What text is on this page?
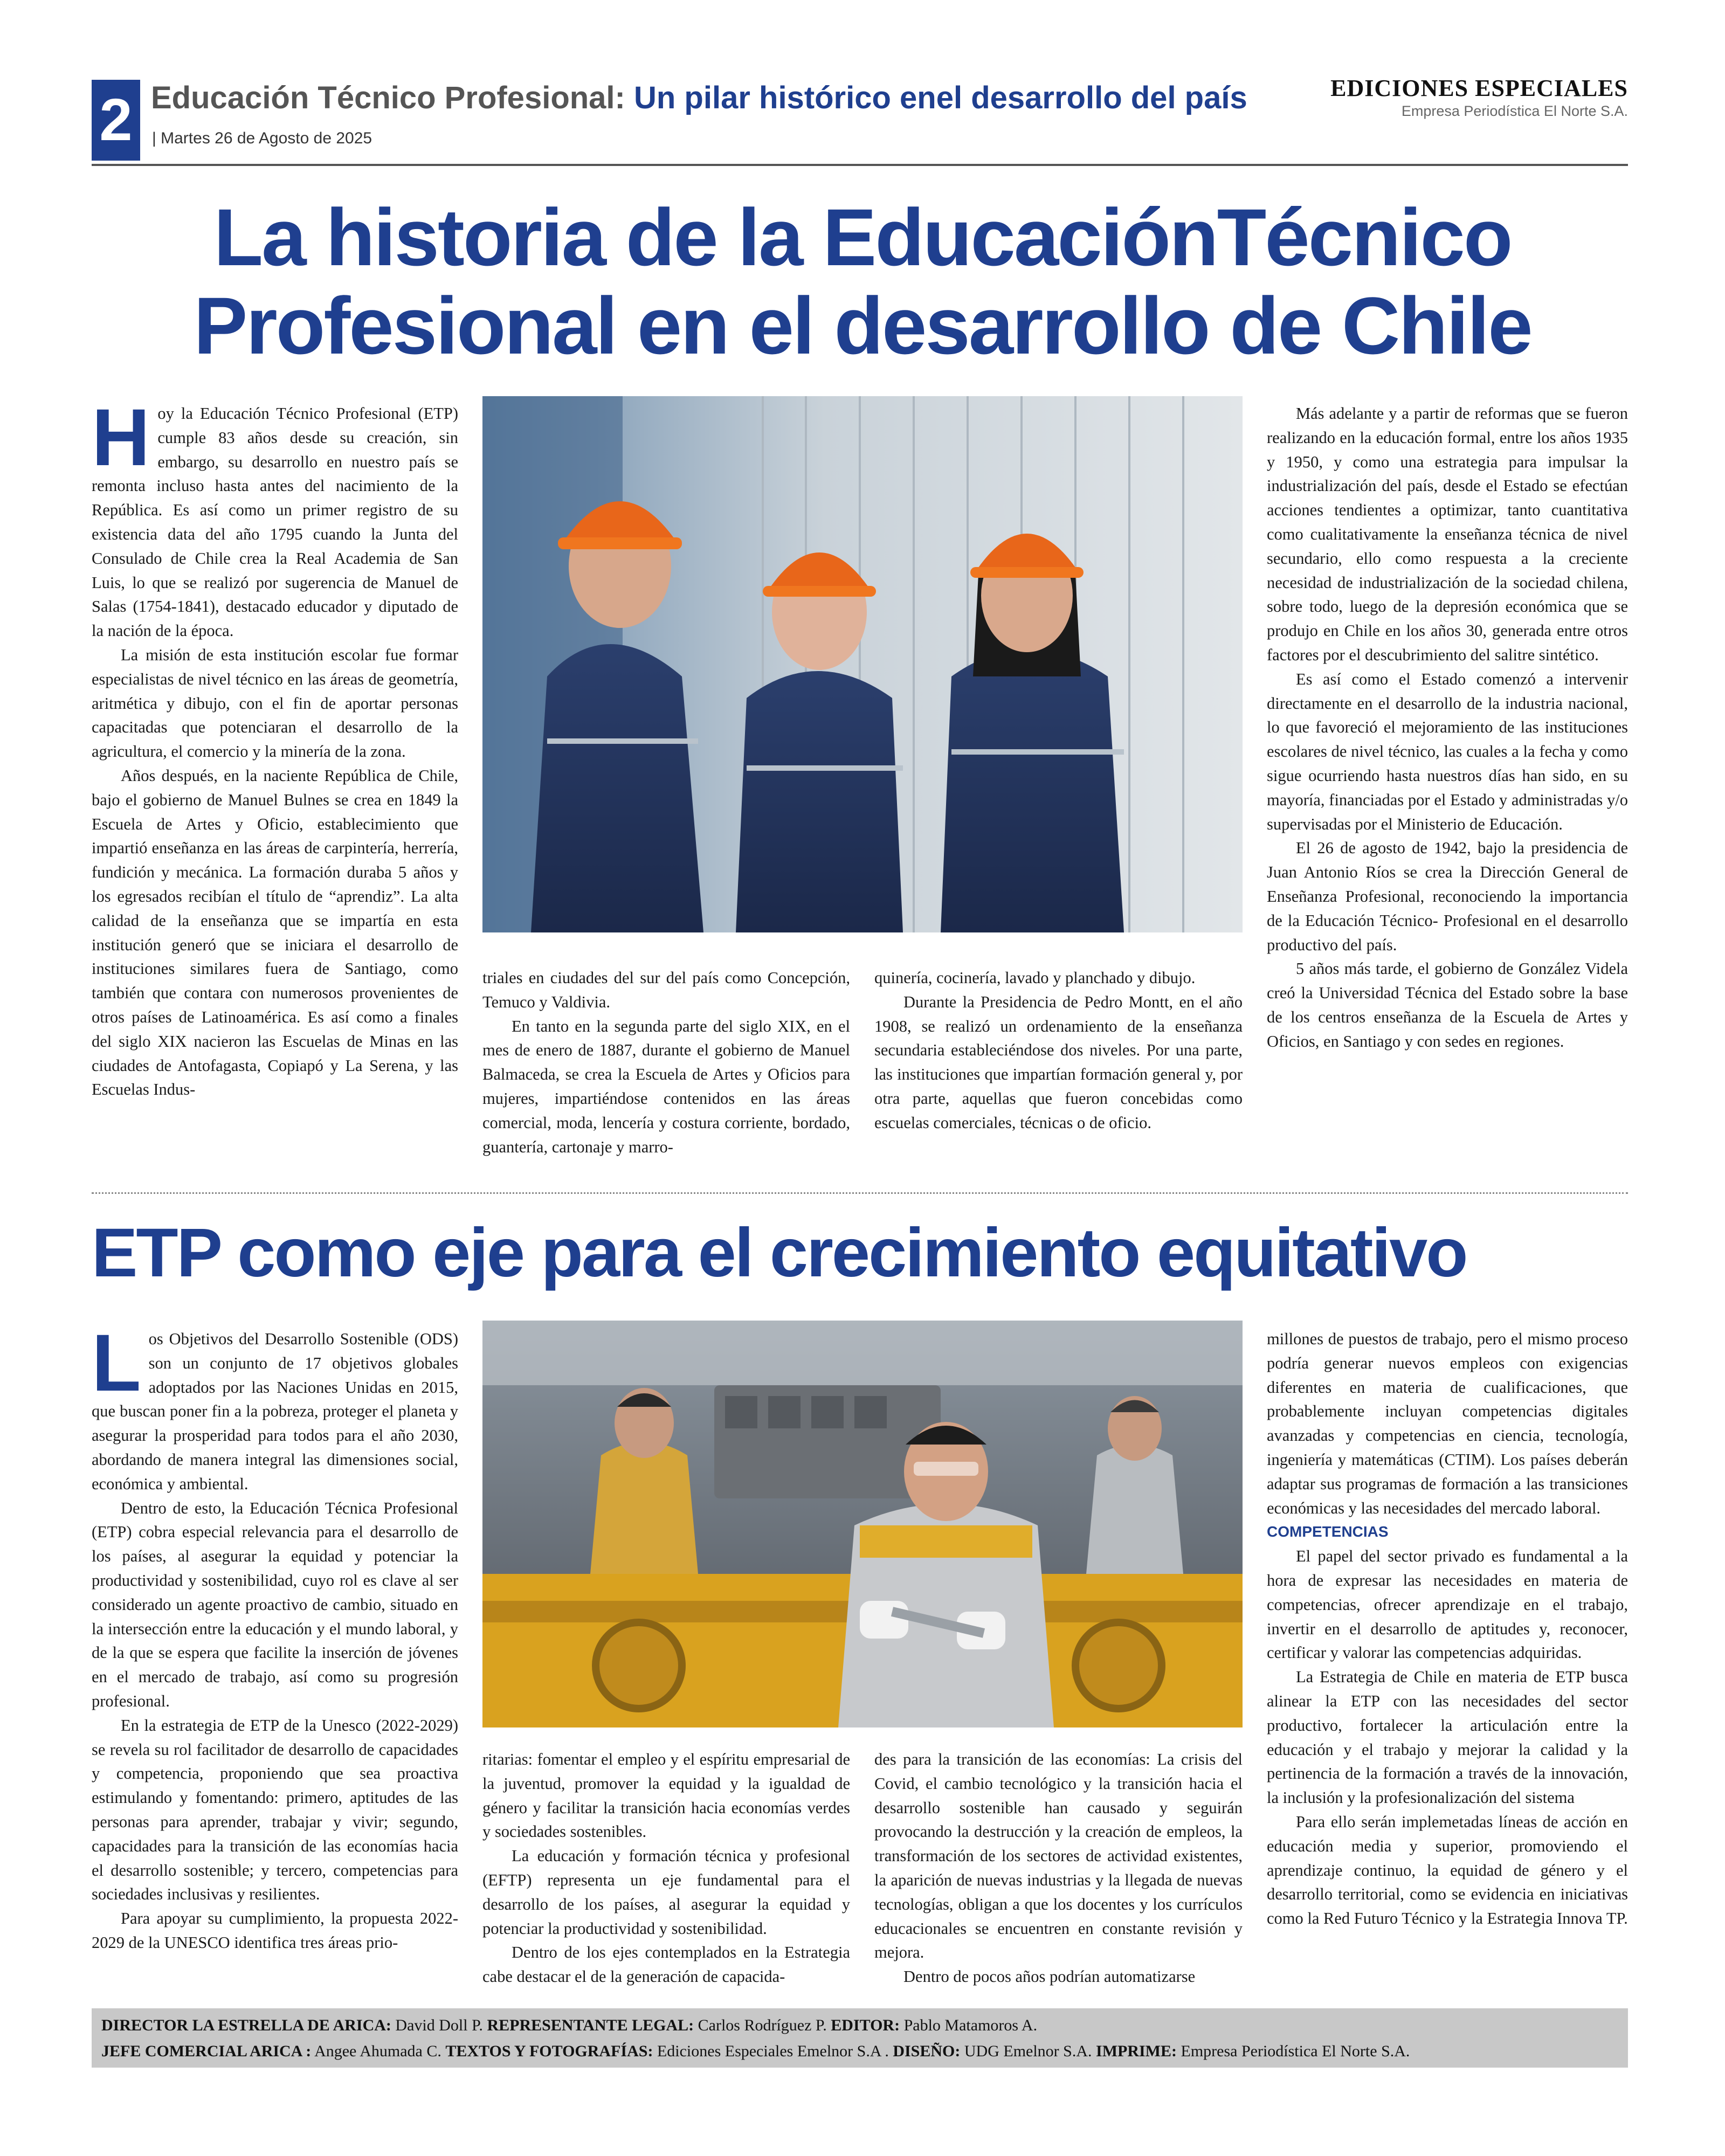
2 Educación Técnico Profesional: Un pilar histórico enel desarrollo del país
| Martes 26 de Agosto de 2025
EDICIONES ESPECIALES
Empresa Periodística El Norte S.A.
La historia de la EducaciónTécnico
Profesional en el desarrollo de Chile
H oy la Educación Técnico Profesional (ETP) cumple 83 años desde su creación, sin embargo, su desarrollo en nuestro país se remonta incluso hasta antes del nacimiento de la República. Es así como un primer registro de su existencia data del año 1795 cuando la Junta del Consulado de Chile crea la Real Academia de San Luis, lo que se realizó por sugerencia de Manuel de Salas (1754-1841), destacado educador y diputado de la nación de la época.

La misión de esta institución escolar fue formar especialistas de nivel técnico en las áreas de geometría, aritmética y dibujo, con el fin de aportar personas capacitadas que potenciaran el desarrollo de la agricultura, el comercio y la minería de la zona.

Años después, en la naciente República de Chile, bajo el gobierno de Manuel Bulnes se crea en 1849 la Escuela de Artes y Oficio, establecimiento que impartió enseñanza en las áreas de carpintería, herrería, fundición y mecánica. La formación duraba 5 años y los egresados recibían el título de “aprendiz”. La alta calidad de la enseñanza que se impartía en esta institución generó que se iniciara el desarrollo de instituciones similares fuera de Santiago, como también que contara con numerosos provenientes de otros países de Latinoamérica. Es así como a finales del siglo XIX nacieron las Escuelas de Minas en las ciudades de Antofagasta, Copiapó y La Serena, y las Escuelas Indus-

triales en ciudades del sur del país como Concepción, Temuco y Valdivia.

En tanto en la segunda parte del siglo XIX, en el mes de enero de 1887, durante el gobierno de Manuel Balmaceda, se crea la Escuela de Artes y Oficios para mujeres, impartiéndose contenidos en las áreas comercial, moda, lencería y costura corriente, bordado, guantería, cartonaje y marro-

quinería, cocinería, lavado y planchado y dibujo.

Durante la Presidencia de Pedro Montt, en el año 1908, se realizó un ordenamiento de la enseñanza secundaria estableciéndose dos niveles. Por una parte, las instituciones que impartían formación general y, por otra parte, aquellas que fueron concebidas como escuelas comerciales, técnicas o de oficio.

Más adelante y a partir de reformas que se fueron realizando en la educación formal, entre los años 1935 y 1950, y como una estrategia para impulsar la industrialización del país, desde el Estado se efectúan acciones tendientes a optimizar, tanto cuantitativa como cualitativamente la enseñanza técnica de nivel secundario, ello como respuesta a la creciente necesidad de industrialización de la sociedad chilena, sobre todo, luego de la depresión económica que se produjo en Chile en los años 30, generada entre otros factores por el descubrimiento del salitre sintético.

Es así como el Estado comenzó a intervenir directamente en el desarrollo de la industria nacional, lo que favoreció el mejoramiento de las instituciones escolares de nivel técnico, las cuales a la fecha y como sigue ocurriendo hasta nuestros días han sido, en su mayoría, financiadas por el Estado y administradas y/o supervisadas por el Ministerio de Educación.

El 26 de agosto de 1942, bajo la presidencia de Juan Antonio Ríos se crea la Dirección General de Enseñanza Profesional, reconociendo la importancia de la Educación Técnico- Profesional en el desarrollo productivo del país.

5 años más tarde, el gobierno de González Videla creó la Universidad Técnica del Estado sobre la base de los centros enseñanza de la Escuela de Artes y Oficios, en Santiago y con sedes en regiones.

ETP como eje para el crecimiento equitativo
L os Objetivos del Desarrollo Sostenible (ODS) son un conjunto de 17 objetivos globales adoptados por las Naciones Unidas en 2015, que buscan poner fin a la pobreza, proteger el planeta y asegurar la prosperidad para todos para el año 2030, abordando de manera integral las dimensiones social, económica y ambiental.

Dentro de esto, la Educación Técnica Profesional (ETP) cobra especial relevancia para el desarrollo de los países, al asegurar la equidad y potenciar la productividad y sostenibilidad, cuyo rol es clave al ser considerado un agente proactivo de cambio, situado en la intersección entre la educación y el mundo laboral, y de la que se espera que facilite la inserción de jóvenes en el mercado de trabajo, así como su progresión profesional.

En la estrategia de ETP de la Unesco (2022-2029) se revela su rol facilitador de desarrollo de capacidades y competencia, proponiendo que sea proactiva estimulando y fomentando: primero, aptitudes de las personas para aprender, trabajar y vivir; segundo, capacidades para la transición de las economías hacia el desarrollo sostenible; y tercero, competencias para sociedades inclusivas y resilientes.

Para apoyar su cumplimiento, la propuesta 2022-2029 de la UNESCO identifica tres áreas prio-

ritarias: fomentar el empleo y el espíritu empresarial de la juventud, promover la equidad y la igualdad de género y facilitar la transición hacia economías verdes y sociedades sostenibles.

La educación y formación técnica y profesional (EFTP) representa un eje fundamental para el desarrollo de los países, al asegurar la equidad y potenciar la productividad y sostenibilidad.

Dentro de los ejes contemplados en la Estrategia cabe destacar el de la generación de capacida-

des para la transición de las economías: La crisis del Covid, el cambio tecnológico y la transición hacia el desarrollo sostenible han causado y seguirán provocando la destrucción y la creación de empleos, la transformación de los sectores de actividad existentes, la aparición de nuevas industrias y la llegada de nuevas tecnologías, obligan a que los docentes y los currículos educacionales se encuentren en constante revisión y mejora.

Dentro de pocos años podrían automatizarse

millones de puestos de trabajo, pero el mismo proceso podría generar nuevos empleos con exigencias diferentes en materia de cualificaciones, que probablemente incluyan competencias digitales avanzadas y competencias en ciencia, tecnología, ingeniería y matemáticas (CTIM). Los países deberán adaptar sus programas de formación a las transiciones económicas y las necesidades del mercado laboral.

COMPETENCIAS

El papel del sector privado es fundamental a la hora de expresar las necesidades en materia de competencias, ofrecer aprendizaje en el trabajo, invertir en el desarrollo de aptitudes y, reconocer, certificar y valorar las competencias adquiridas.

La Estrategia de Chile en materia de ETP busca alinear la ETP con las necesidades del sector productivo, fortalecer la articulación entre la educación y el trabajo y mejorar la calidad y la pertinencia de la formación a través de la innovación, la inclusión y la profesionalización del sistema

Para ello serán implemetadas líneas de acción en educación media y superior, promoviendo el aprendizaje continuo, la equidad de género y el desarrollo territorial, como se evidencia en iniciativas como la Red Futuro Técnico y la Estrategia Innova TP.

DIRECTOR LA ESTRELLA DE ARICA: David Doll P. REPRESENTANTE LEGAL: Carlos Rodríguez P. EDITOR: Pablo Matamoros A.
JEFE COMERCIAL ARICA : Angee Ahumada C. TEXTOS Y FOTOGRAFÍAS: Ediciones Especiales Emelnor S.A . DISEÑO: UDG Emelnor S.A. IMPRIME: Empresa Periodística El Norte S.A.
